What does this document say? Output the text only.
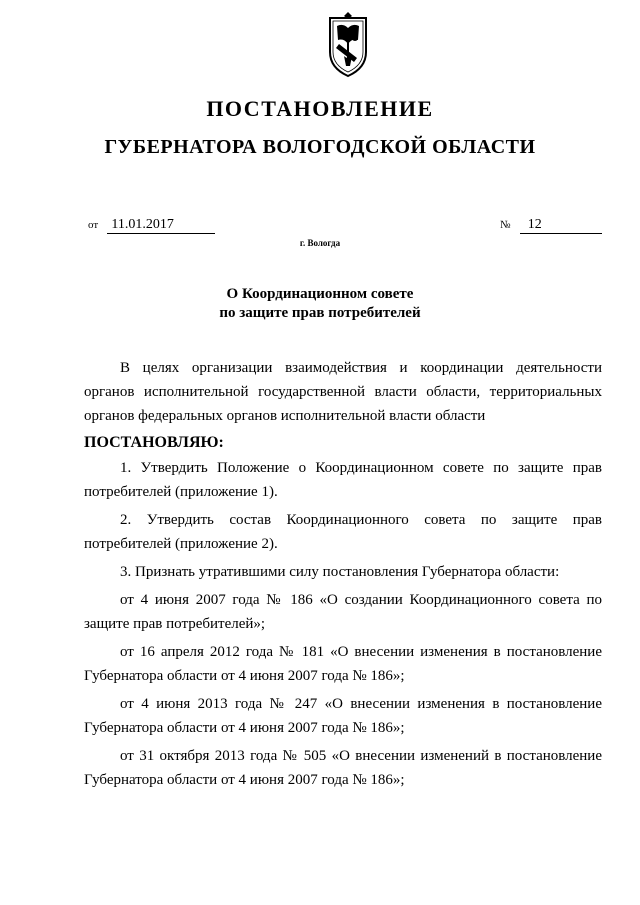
ПОСТАНОВЛЕНИЕ
ГУБЕРНАТОРА ВОЛОГОДСКОЙ ОБЛАСТИ
от 11.01.2017	№ 12
г. Вологда
О Координационном совете
по защите прав потребителей

В целях организации взаимодействия и координации деятельности органов исполнительной государственной власти области, территориальных органов федеральных органов исполнительной власти области

ПОСТАНОВЛЯЮ:

1. Утвердить Положение о Координационном совете по защите прав потребителей (приложение 1).

2. Утвердить состав Координационного совета по защите прав потребителей (приложение 2).

3. Признать утратившими силу постановления Губернатора области:

от 4 июня 2007 года № 186 «О создании Координационного совета по защите прав потребителей»;

от 16 апреля 2012 года № 181 «О внесении изменения в постановление Губернатора области от 4 июня 2007 года № 186»;

от 4 июня 2013 года № 247 «О внесении изменения в постановление Губернатора области от 4 июня 2007 года № 186»;

от 31 октября 2013 года № 505 «О внесении изменений в постановление Губернатора области от 4 июня 2007 года № 186»;
